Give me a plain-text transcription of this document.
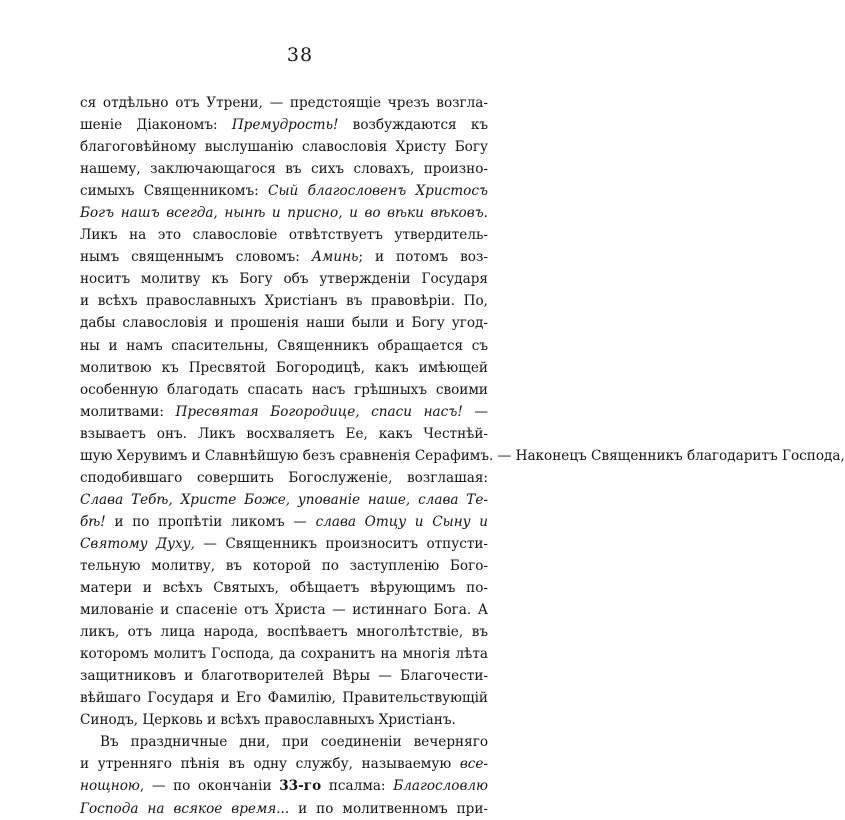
38
ся отдѣльно отъ Утрени, — предстоящіе чрезъ возгла-
шеніе Діакономъ: Премудрость! возбуждаются къ
благоговѣйному выслушанію славословія Христу Богу
нашему, заключающагося въ сихъ словахъ, произно-
симыхъ Священникомъ: Сый благословенъ Христосъ
Богъ нашъ всегда, нынѣ и присно, и во вѣки вѣковъ.
Ликъ на это славословіе отвѣтствуетъ утвердитель-
нымъ священнымъ словомъ: Аминь; и потомъ воз-
носитъ молитву къ Богу объ утвержденіи Государя
и всѣхъ православныхъ Христіанъ въ правовѣріи. По,
дабы славословія и прошенія наши были и Богу угод-
ны и намъ спасительны, Священникъ обращается съ
молитвою къ Пресвятой Богородицѣ, какъ имѣющей
особенную благодать спасать насъ грѣшныхъ своими
молитвами: Пресвятая Богородице, спаси насъ! —
взываетъ онъ. Ликъ восхваляетъ Ее, какъ Честнѣй-
шую Херувимъ и Славнѣйшую безъ сравненія Серафимъ. — Наконецъ Священникъ благодаритъ Господа,
сподобившаго совершить Богослуженіе, возглашая:
Слава Тебѣ, Христе Боже, упованіе наше, слава Те-
бѣ! и по пропѣтіи ликомъ — слава Отцу и Сыну и
Святому Духу, — Священникъ произноситъ отпусти-
тельную молитву, въ которой по заступленію Бого-
матери и всѣхъ Святыхъ, обѣщаетъ вѣрующимъ по-
милованіе и спасеніе отъ Христа — истиннаго Бога. А
ликъ, отъ лица народа, воспѣваетъ многолѣтствіе, въ
которомъ молитъ Господа, да сохранитъ на многія лѣта
защитниковъ и благотворителей Вѣры — Благочести-
вѣйшаго Государя и Его Фамилію, Правительствующій
Синодъ, Церковь и всѣхъ православныхъ Христіанъ.
Въ праздничные дни, при соединеніи вечерняго
и утренняго пѣнія въ одну службу, называемую все-
нощною, — по окончаніи 33-го псалма: Благословлю
Господа на всякое время... и по молитвенномъ при-
